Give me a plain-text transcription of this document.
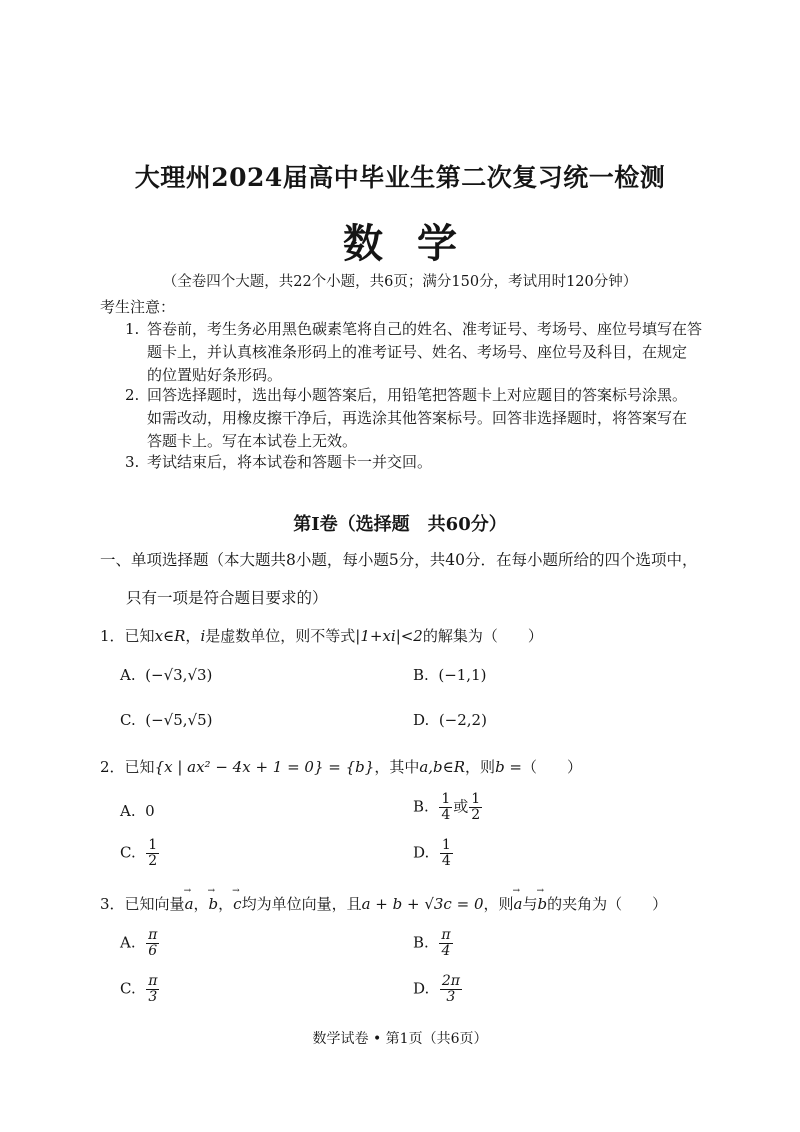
大理州2024届高中毕业生第二次复习统一检测
数学
（全卷四个大题，共22个小题，共6页；满分150分，考试用时120分钟）
考生注意：
1. 答卷前，考生务必用黑色碳素笔将自己的姓名、准考证号、考场号、座位号填写在答
题卡上，并认真核准条形码上的准考证号、姓名、考场号、座位号及科目，在规定
的位置贴好条形码。
2. 回答选择题时，选出每小题答案后，用铅笔把答题卡上对应题目的答案标号涂黑。
如需改动，用橡皮擦干净后，再选涂其他答案标号。回答非选择题时，将答案写在
答题卡上。写在本试卷上无效。
3. 考试结束后，将本试卷和答题卡一并交回。
第Ⅰ卷（选择题　共60分）
一、单项选择题（本大题共8小题，每小题5分，共40分．在每小题所给的四个选项中，
只有一项是符合题目要求的）
1．已知x∈R，i是虚数单位，则不等式|1+xi|<2的解集为（　　）
A. (−√3,√3)	B. (−1,1)
C. (−√5,√5)	D. (−2,2)
2．已知{x | ax² − 4x + 1 = 0} = {b}，其中a,b∈R，则b =（　　）
A. 0	B. $\frac{1}{4}$ 或 $\frac{1}{2}$
C. $\frac{1}{2}$	D. $\frac{1}{4}$
3．已知向量→ a，→ b，→ c均为单位向量，且a + b + √3c = 0，则→ a与→ b的夹角为（　　）
A. $\frac{\pi}{6}$	B. $\frac{\pi}{4}$
C. $\frac{\pi}{3}$	D. $\frac{2\pi}{3}$
数学试卷 • 第1页（共6页）
